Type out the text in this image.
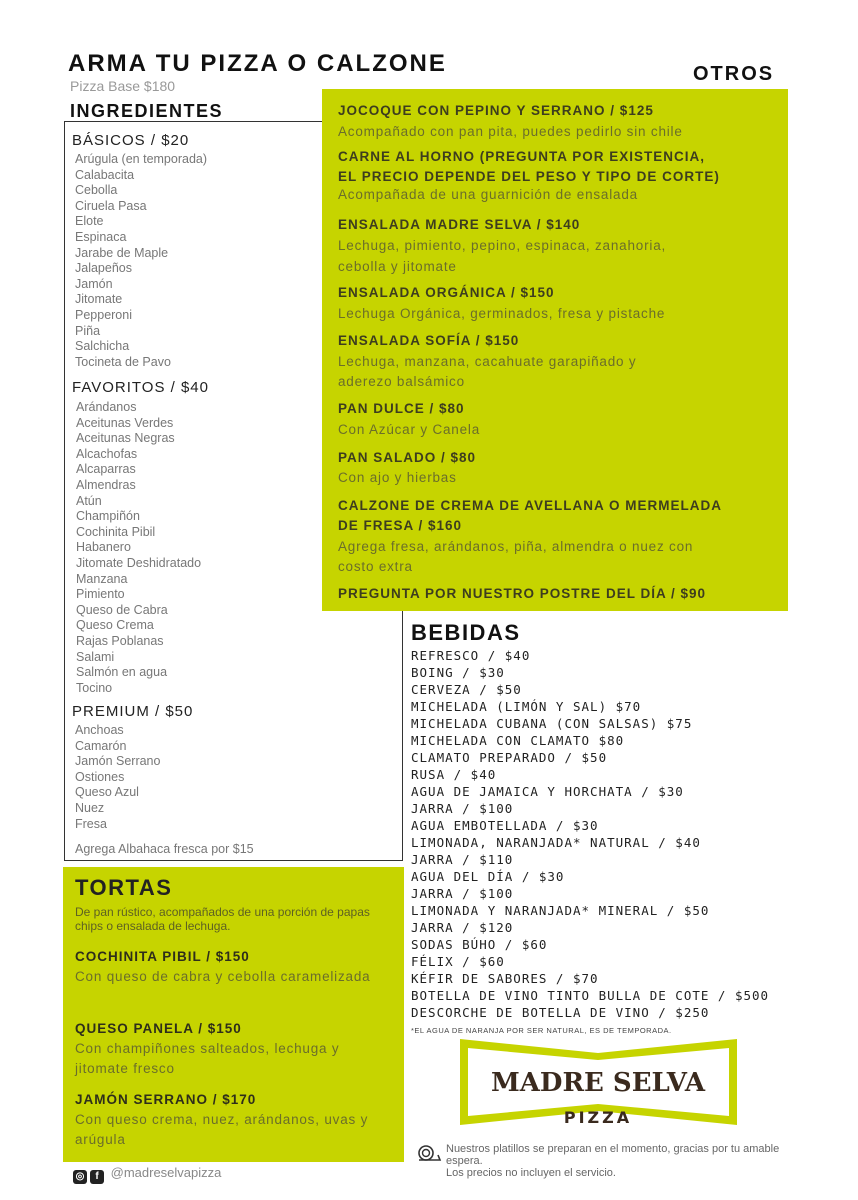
ARMA TU PIZZA O CALZONE
Pizza Base $180
INGREDIENTES
BÁSICOS / $20
Arúgula (en temporada)
Calabacita
Cebolla
Ciruela Pasa
Elote
Espinaca
Jarabe de Maple
Jalapeños
Jamón
Jitomate
Pepperoni
Piña
Salchicha
Tocineta de Pavo
FAVORITOS / $40
Arándanos
Aceitunas Verdes
Aceitunas Negras
Alcachofas
Alcaparras
Almendras
Atún
Champiñón
Cochinita Pibil
Habanero
Jitomate Deshidratado
Manzana
Pimiento
Queso de Cabra
Queso Crema
Rajas Poblanas
Salami
Salmón en agua
Tocino
PREMIUM / $50
Anchoas
Camarón
Jamón Serrano
Ostiones
Queso Azul
Nuez
Fresa
Agrega Albahaca fresca por $15
OTROS
JOCOQUE CON PEPINO Y SERRANO / $125
Acompañado con pan pita, puedes pedirlo sin chile
CARNE AL HORNO (PREGUNTA POR EXISTENCIA,
EL PRECIO DEPENDE DEL PESO Y TIPO DE CORTE)
Acompañada de una guarnición de ensalada
ENSALADA MADRE SELVA / $140
Lechuga, pimiento, pepino, espinaca, zanahoria,
cebolla y jitomate
ENSALADA ORGÁNICA / $150
Lechuga Orgánica, germinados, fresa y pistache
ENSALADA SOFÍA / $150
Lechuga, manzana, cacahuate garapiñado y
aderezo balsámico
PAN DULCE / $80
Con Azúcar y Canela
PAN SALADO / $80
Con ajo y hierbas
CALZONE DE CREMA DE AVELLANA O MERMELADA
DE FRESA / $160
Agrega fresa, arándanos, piña, almendra o nuez con
costo extra
PREGUNTA POR NUESTRO POSTRE DEL DÍA / $90
TORTAS
De pan rústico, acompañados de una porción de papas chips o ensalada de lechuga.
COCHINITA PIBIL / $150
Con queso de cabra y cebolla caramelizada
QUESO PANELA / $150
Con champiñones salteados, lechuga y jitomate fresco
JAMÓN SERRANO / $170
Con queso crema, nuez, arándanos, uvas y arúgula
BEBIDAS
REFRESCO / $40
BOING / $30
CERVEZA / $50
MICHELADA (LIMÓN Y SAL) $70
MICHELADA CUBANA (CON SALSAS) $75
MICHELADA CON CLAMATO $80
CLAMATO PREPARADO / $50
RUSA / $40
AGUA DE JAMAICA Y HORCHATA / $30
JARRA / $100
AGUA EMBOTELLADA / $30
LIMONADA, NARANJADA* NATURAL / $40
JARRA / $110
AGUA DEL DÍA / $30
JARRA / $100
LIMONADA Y NARANJADA* MINERAL / $50
JARRA / $120
SODAS BÚHO / $60
FÉLIX / $60
KÉFIR DE SABORES / $70
BOTELLA DE VINO TINTO BULLA DE COTE / $500
DESCORCHE DE BOTELLA DE VINO / $250
*EL AGUA DE NARANJA POR SER NATURAL, ES DE TEMPORADA.
MADRE SELVA
PIZZA
Nuestros platillos se preparan en el momento, gracias por tu amable espera.
Los precios no incluyen el servicio.
◎ f @madreselvapizza
